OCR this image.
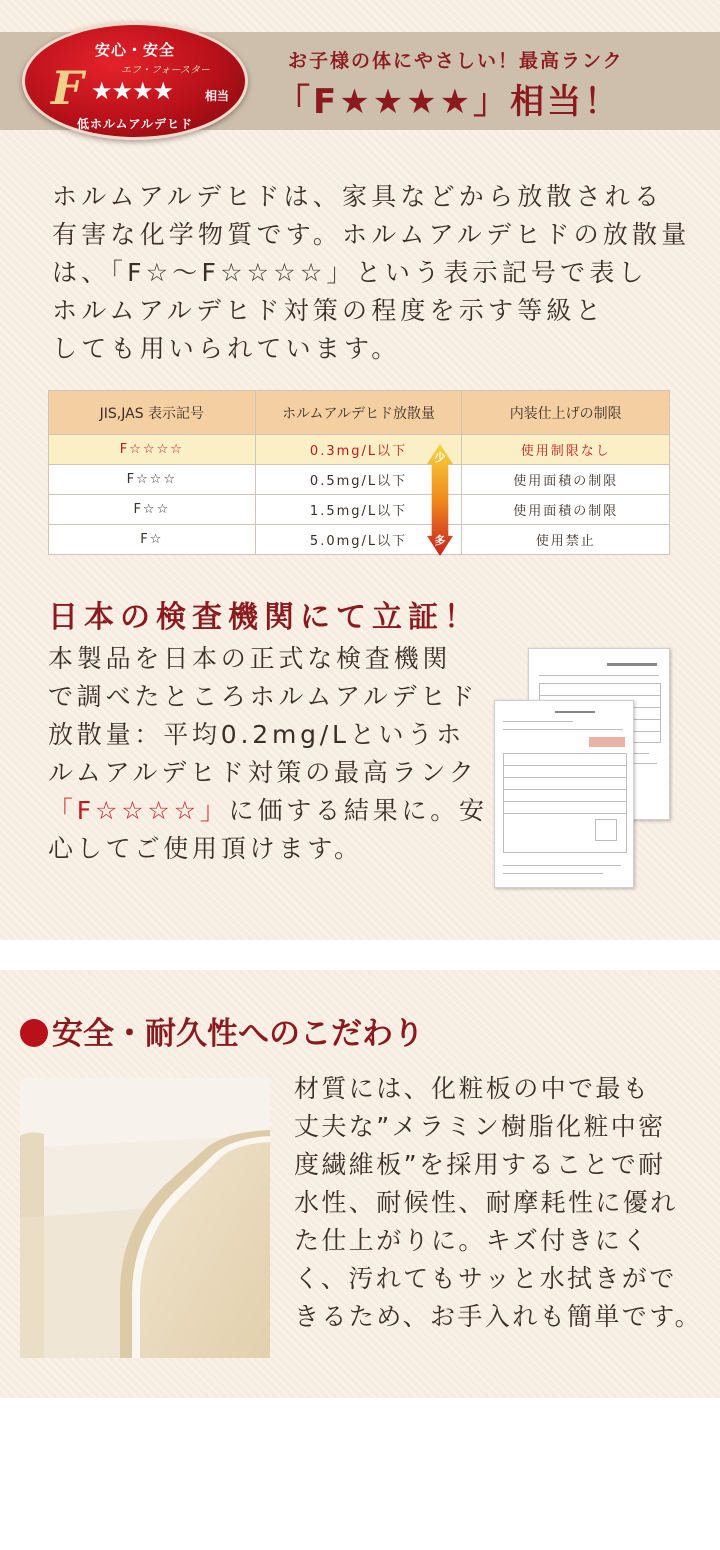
安心・安全
エフ・フォースター
F ★★★★	相当
低ホルムアルデヒド
お子様の体にやさしい！最高ランク
「F★★★★」相当！

ホルムアルデヒドは、家具などから放散される

有害な化学物質です。ホルムアルデヒドの放散量

は、「F☆～F☆☆☆☆」という表示記号で表し

ホルムアルデヒド対策の程度を示す等級と

しても用いられています。

JIS,JAS 表示記号	ホルムアルデヒド放散量	内装仕上げの制限
F☆☆☆☆	0.3mg/L以下	使用制限なし
F☆☆☆	0.5mg/L以下	使用面積の制限
F☆☆	1.5mg/L以下	使用面積の制限
F☆	5.0mg/L以下	使用禁止
少
多
日本の検査機関にて立証！

本製品を日本の正式な検査機関

で調べたところホルムアルデヒド

放散量：平均0.2mg/Lというホ

ルムアルデヒド対策の最高ランク

「F☆☆☆☆」に価する結果に。安

心してご使用頂けます。

安全・耐久性へのこだわり

材質には、化粧板の中で最も

丈夫な”メラミン樹脂化粧中密

度繊維板”を採用することで耐

水性、耐候性、耐摩耗性に優れ

た仕上がりに。キズ付きにく

く、汚れてもサッと水拭きがで

きるため、お手入れも簡単です。
